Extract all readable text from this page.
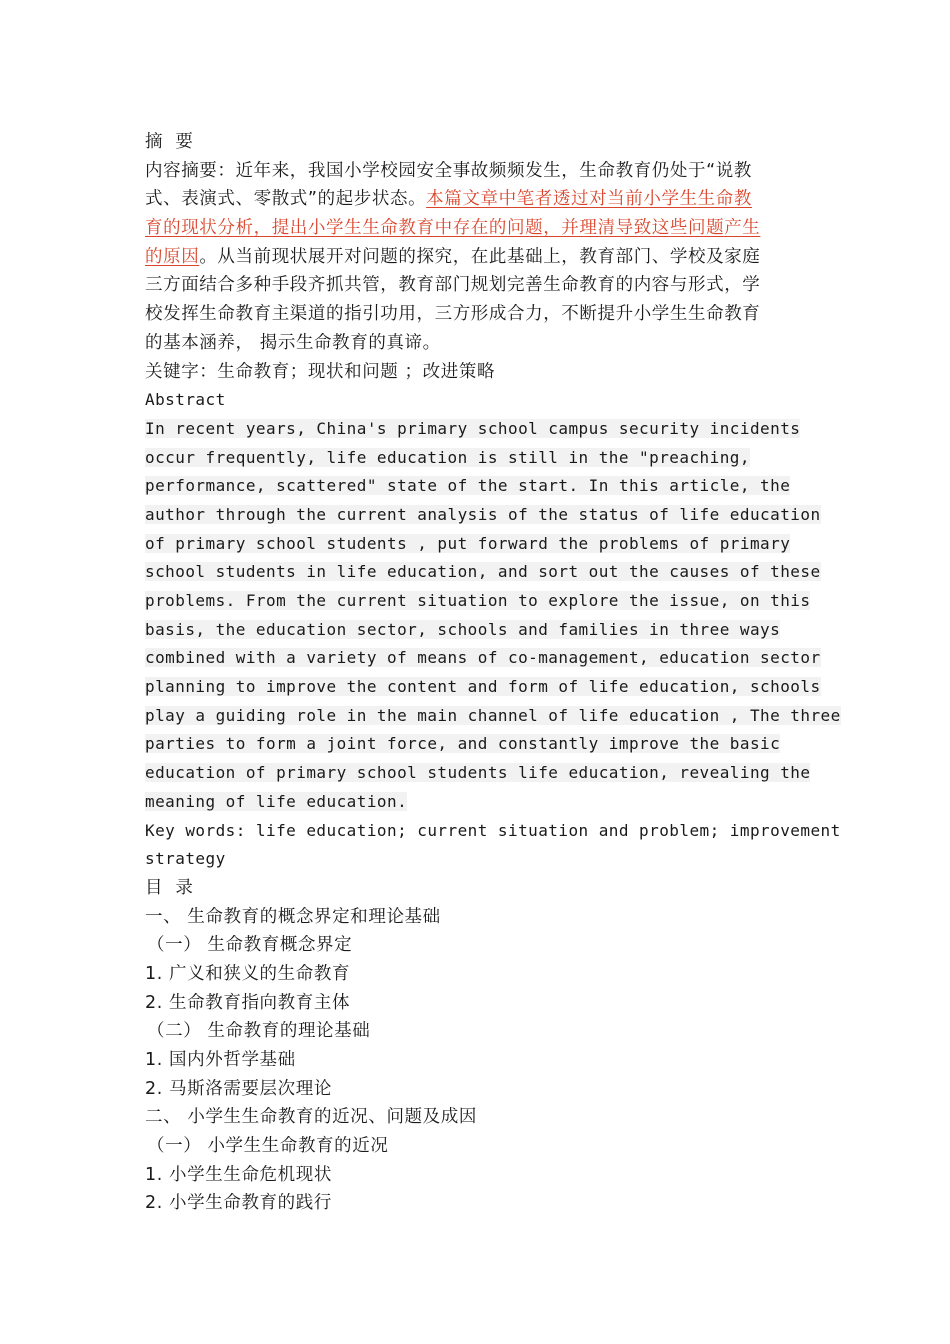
摘  要

内容摘要：近年来，我国小学校园安全事故频频发生，生命教育仍处于“说教

式、表演式、零散式”的起步状态。本篇文章中笔者透过对当前小学生生命教

育的现状分析，提出小学生生命教育中存在的问题，并理清导致这些问题产生

的原因。从当前现状展开对问题的探究，在此基础上，教育部门、学校及家庭

三方面结合多种手段齐抓共管，教育部门规划完善生命教育的内容与形式，学

校发挥生命教育主渠道的指引功用，三方形成合力，不断提升小学生生命教育

的基本涵养， 揭示生命教育的真谛。

关键字：生命教育；现状和问题 ；改进策略

Abstract

In recent years, China's primary school campus security incidents

occur frequently, life education is still in the "preaching,

performance, scattered" state of the start. In this article, the

author through the current analysis of the status of life education

of primary school students , put forward the problems of primary

school students in life education, and sort out the causes of these

problems. From the current situation to explore the issue, on this

basis, the education sector, schools and families in three ways

combined with a variety of means of co-management, education sector

planning to improve the content and form of life education, schools

play a guiding role in the main channel of life education , The three

parties to form a joint force, and constantly improve the basic

education of primary school students life education, revealing the

meaning of life education.

Key words: life education; current situation and problem; improvement

strategy

目  录

一、 生命教育的概念界定和理论基础

（一） 生命教育概念界定

1. 广义和狭义的生命教育

2. 生命教育指向教育主体

（二） 生命教育的理论基础

1. 国内外哲学基础

2. 马斯洛需要层次理论

二、 小学生生命教育的近况、问题及成因

（一） 小学生生命教育的近况

1. 小学生生命危机现状

2. 小学生命教育的践行
